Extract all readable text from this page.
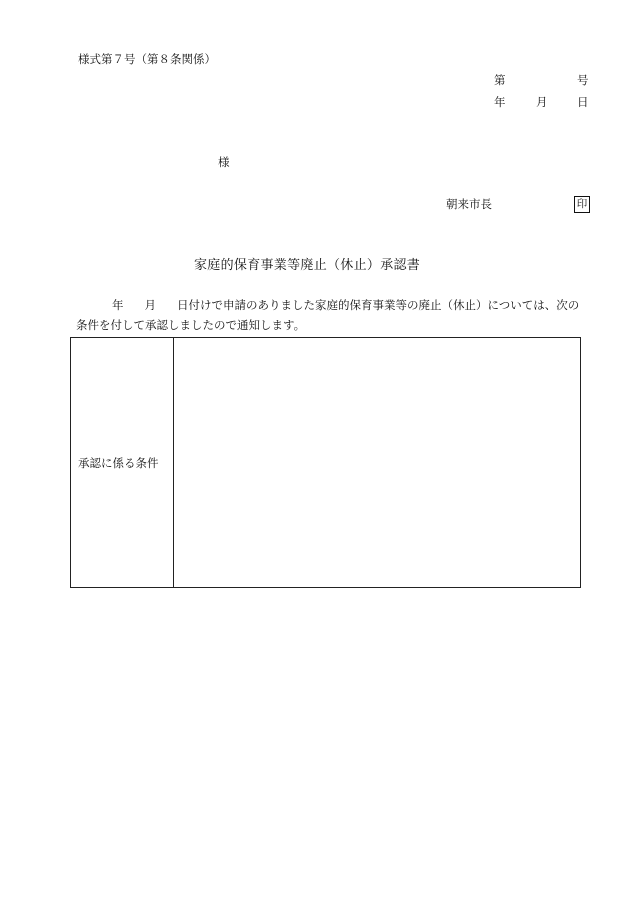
様式第７号（第８条関係）
第	号
年	月	日
様
朝来市長	印
家庭的保育事業等廃止（休止）承認書
年 月 日付けで申請のありました家庭的保育事業等の廃止（休止）については、次の
条件を付して承認しましたので通知します。
承認に係る条件
